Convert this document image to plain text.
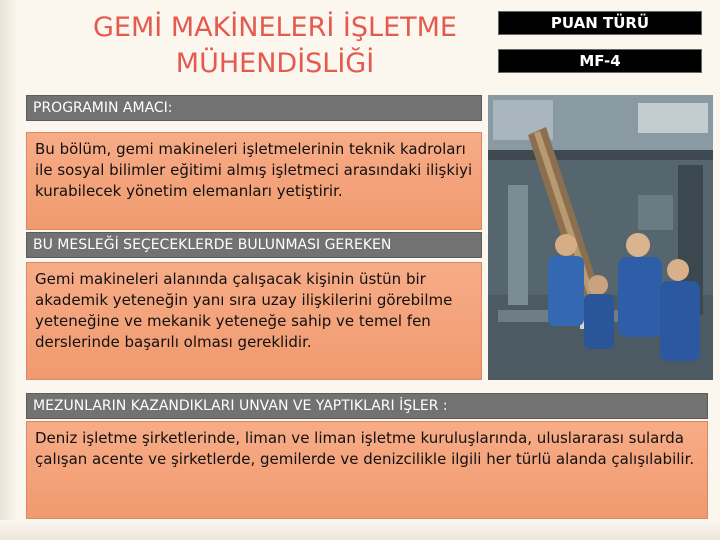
GEMİ MAKİNELERİ İŞLETME
MÜHENDİSLİĞİ
PUAN TÜRÜ
MF-4
PROGRAMIN AMACI:
Bu bölüm, gemi makineleri işletmelerinin teknik kadroları ile sosyal bilimler eğitimi almış işletmeci arasındaki ilişkiyi kurabilecek yönetim elemanları yetiştirir.
BU MESLEĞİ SEÇECEKLERDE BULUNMASI GEREKEN
Gemi makineleri alanında çalışacak kişinin üstün bir akademik yeteneğin yanı sıra uzay ilişkilerini görebilme yeteneğine ve mekanik yeteneğe sahip ve temel fen derslerinde başarılı olması gereklidir.
MEZUNLARIN KAZANDIKLARI UNVAN VE YAPTIKLARI İŞLER :
Deniz işletme şirketlerinde, liman ve liman işletme kuruluşlarında, uluslararası sularda çalışan acente ve şirketlerde, gemilerde ve denizcilikle ilgili her türlü alanda çalışılabilir.
